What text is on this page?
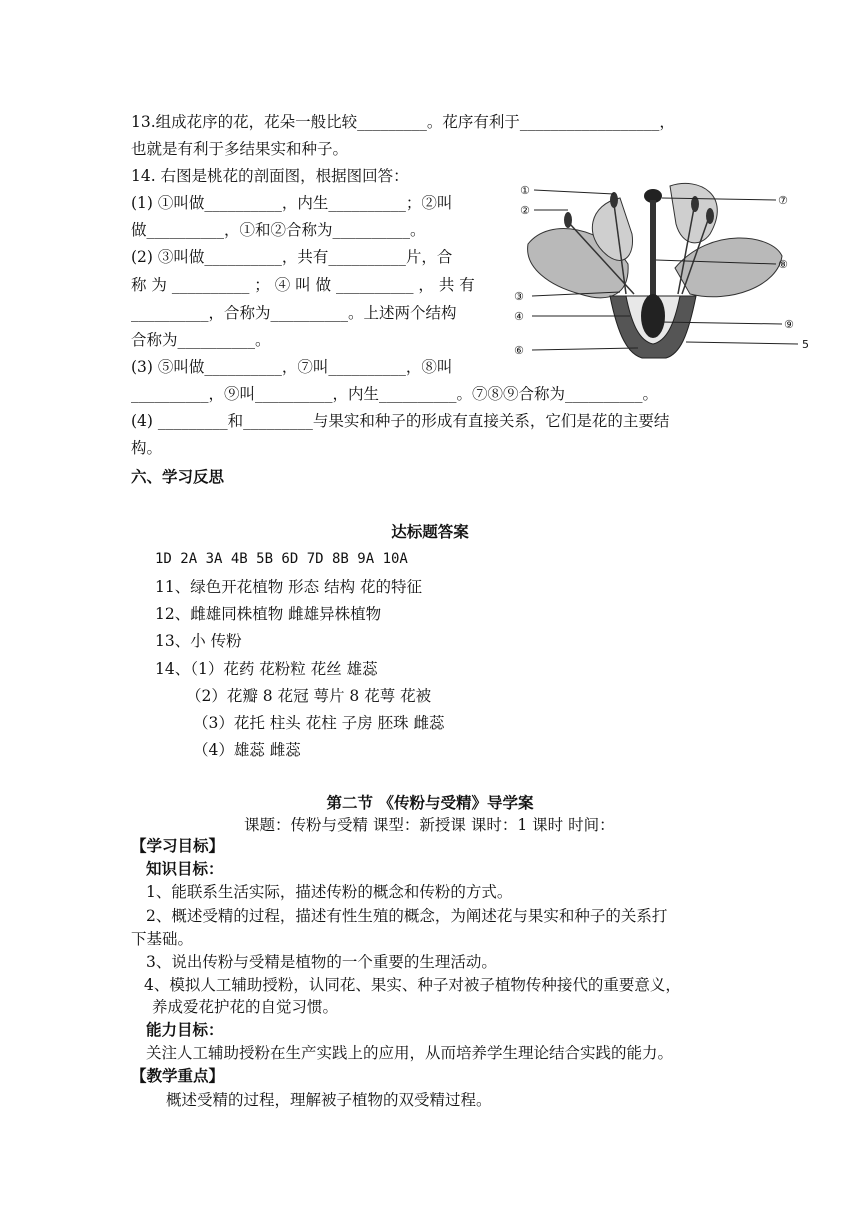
13.组成花序的花，花朵一般比较_________。花序有利于__________________，
也就是有利于多结果实和种子。
14. 右图是桃花的剖面图，根据图回答：
(1) ①叫做__________，内生__________；②叫
做__________，①和②合称为__________。
(2) ③叫做__________，共有__________片，合
称 为 __________ ； ④ 叫 做 __________ ， 共 有
__________，合称为__________。上述两个结构
合称为__________。
(3) ⑤叫做__________，⑦叫__________，⑧叫
__________，⑨叫__________，内生__________。⑦⑧⑨合称为__________。
(4) _________和_________与果实和种子的形成有直接关系，它们是花的主要结
构。
①
②
③
④
⑥
⑦
⑧
⑨
5
六、学习反思
达标题答案
1D 2A 3A 4B 5B 6D 7D 8B 9A 10A
11、绿色开花植物 形态 结构 花的特征
12、雌雄同株植物 雌雄异株植物
13、小 传粉
14、（1）花药 花粉粒 花丝 雄蕊
（2）花瓣 8 花冠 萼片 8 花萼 花被
（3）花托 柱头 花柱 子房 胚珠 雌蕊
（4）雄蕊 雌蕊
第二节 《传粉与受精》导学案
课题：传粉与受精 课型：新授课 课时：1 课时 时间：
【学习目标】
知识目标：
1、能联系生活实际，描述传粉的概念和传粉的方式。
2、概述受精的过程，描述有性生殖的概念，为阐述花与果实和种子的关系打
下基础。
3、说出传粉与受精是植物的一个重要的生理活动。
4、模拟人工辅助授粉，认同花、果实、种子对被子植物传种接代的重要意义，
养成爱花护花的自觉习惯。
能力目标：
关注人工辅助授粉在生产实践上的应用，从而培养学生理论结合实践的能力。
【教学重点】
概述受精的过程，理解被子植物的双受精过程。
